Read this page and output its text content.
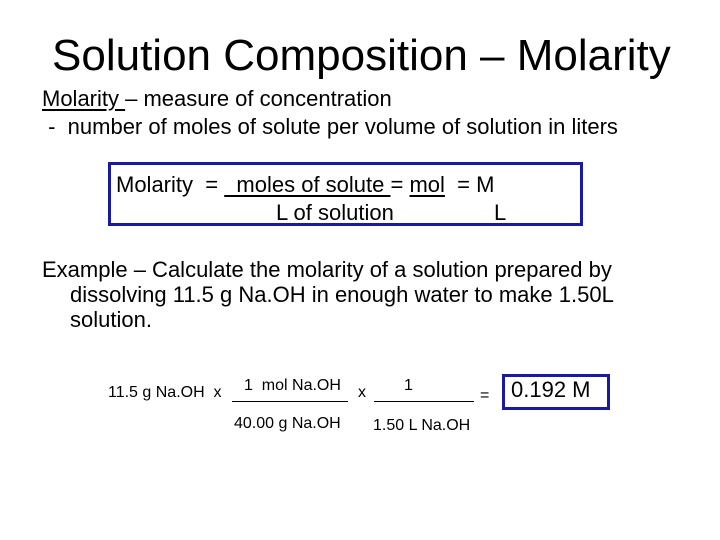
Solution Composition – Molarity
Molarity – measure of concentration
-  number of moles of solute per volume of solution in liters
Molarity  =   moles of solute = mol  = M
L of solution	L
Example – Calculate the molarity of a solution prepared by
dissolving 11.5 g Na.OH in enough water to make 1.50L
solution.
11.5 g Na.OH  x 1  mol Na.OH
40.00 g Na.OH
x 1
1.50 L Na.OH
= 0.192 M
